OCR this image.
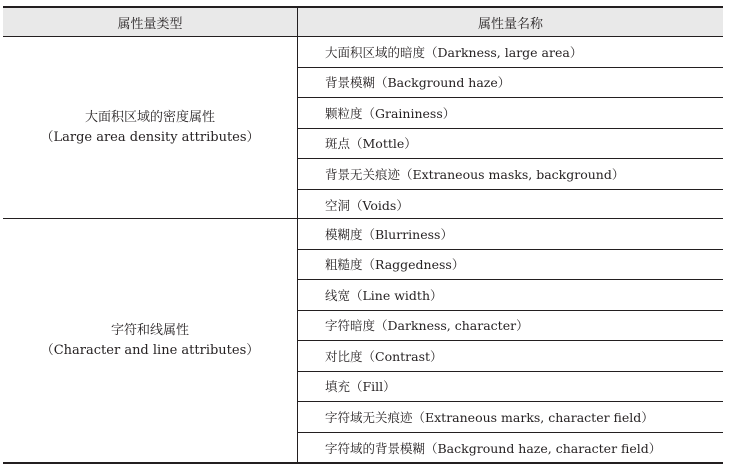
属性量类型	属性量名称
大面积区域的密度属性
（Large area density attributes）
大面积区域的暗度（Darkness, large area）
背景模糊（Background haze）
颗粒度（Graininess）
斑点（Mottle）
背景无关痕迹（Extraneous masks, background）
空洞（Voids）
字符和线属性
（Character and line attributes）
模糊度（Blurriness）
粗糙度（Raggedness）
线宽（Line width）
字符暗度（Darkness, character）
对比度（Contrast）
填充（Fill）
字符域无关痕迹（Extraneous marks, character field）
字符域的背景模糊（Background haze, character field）
